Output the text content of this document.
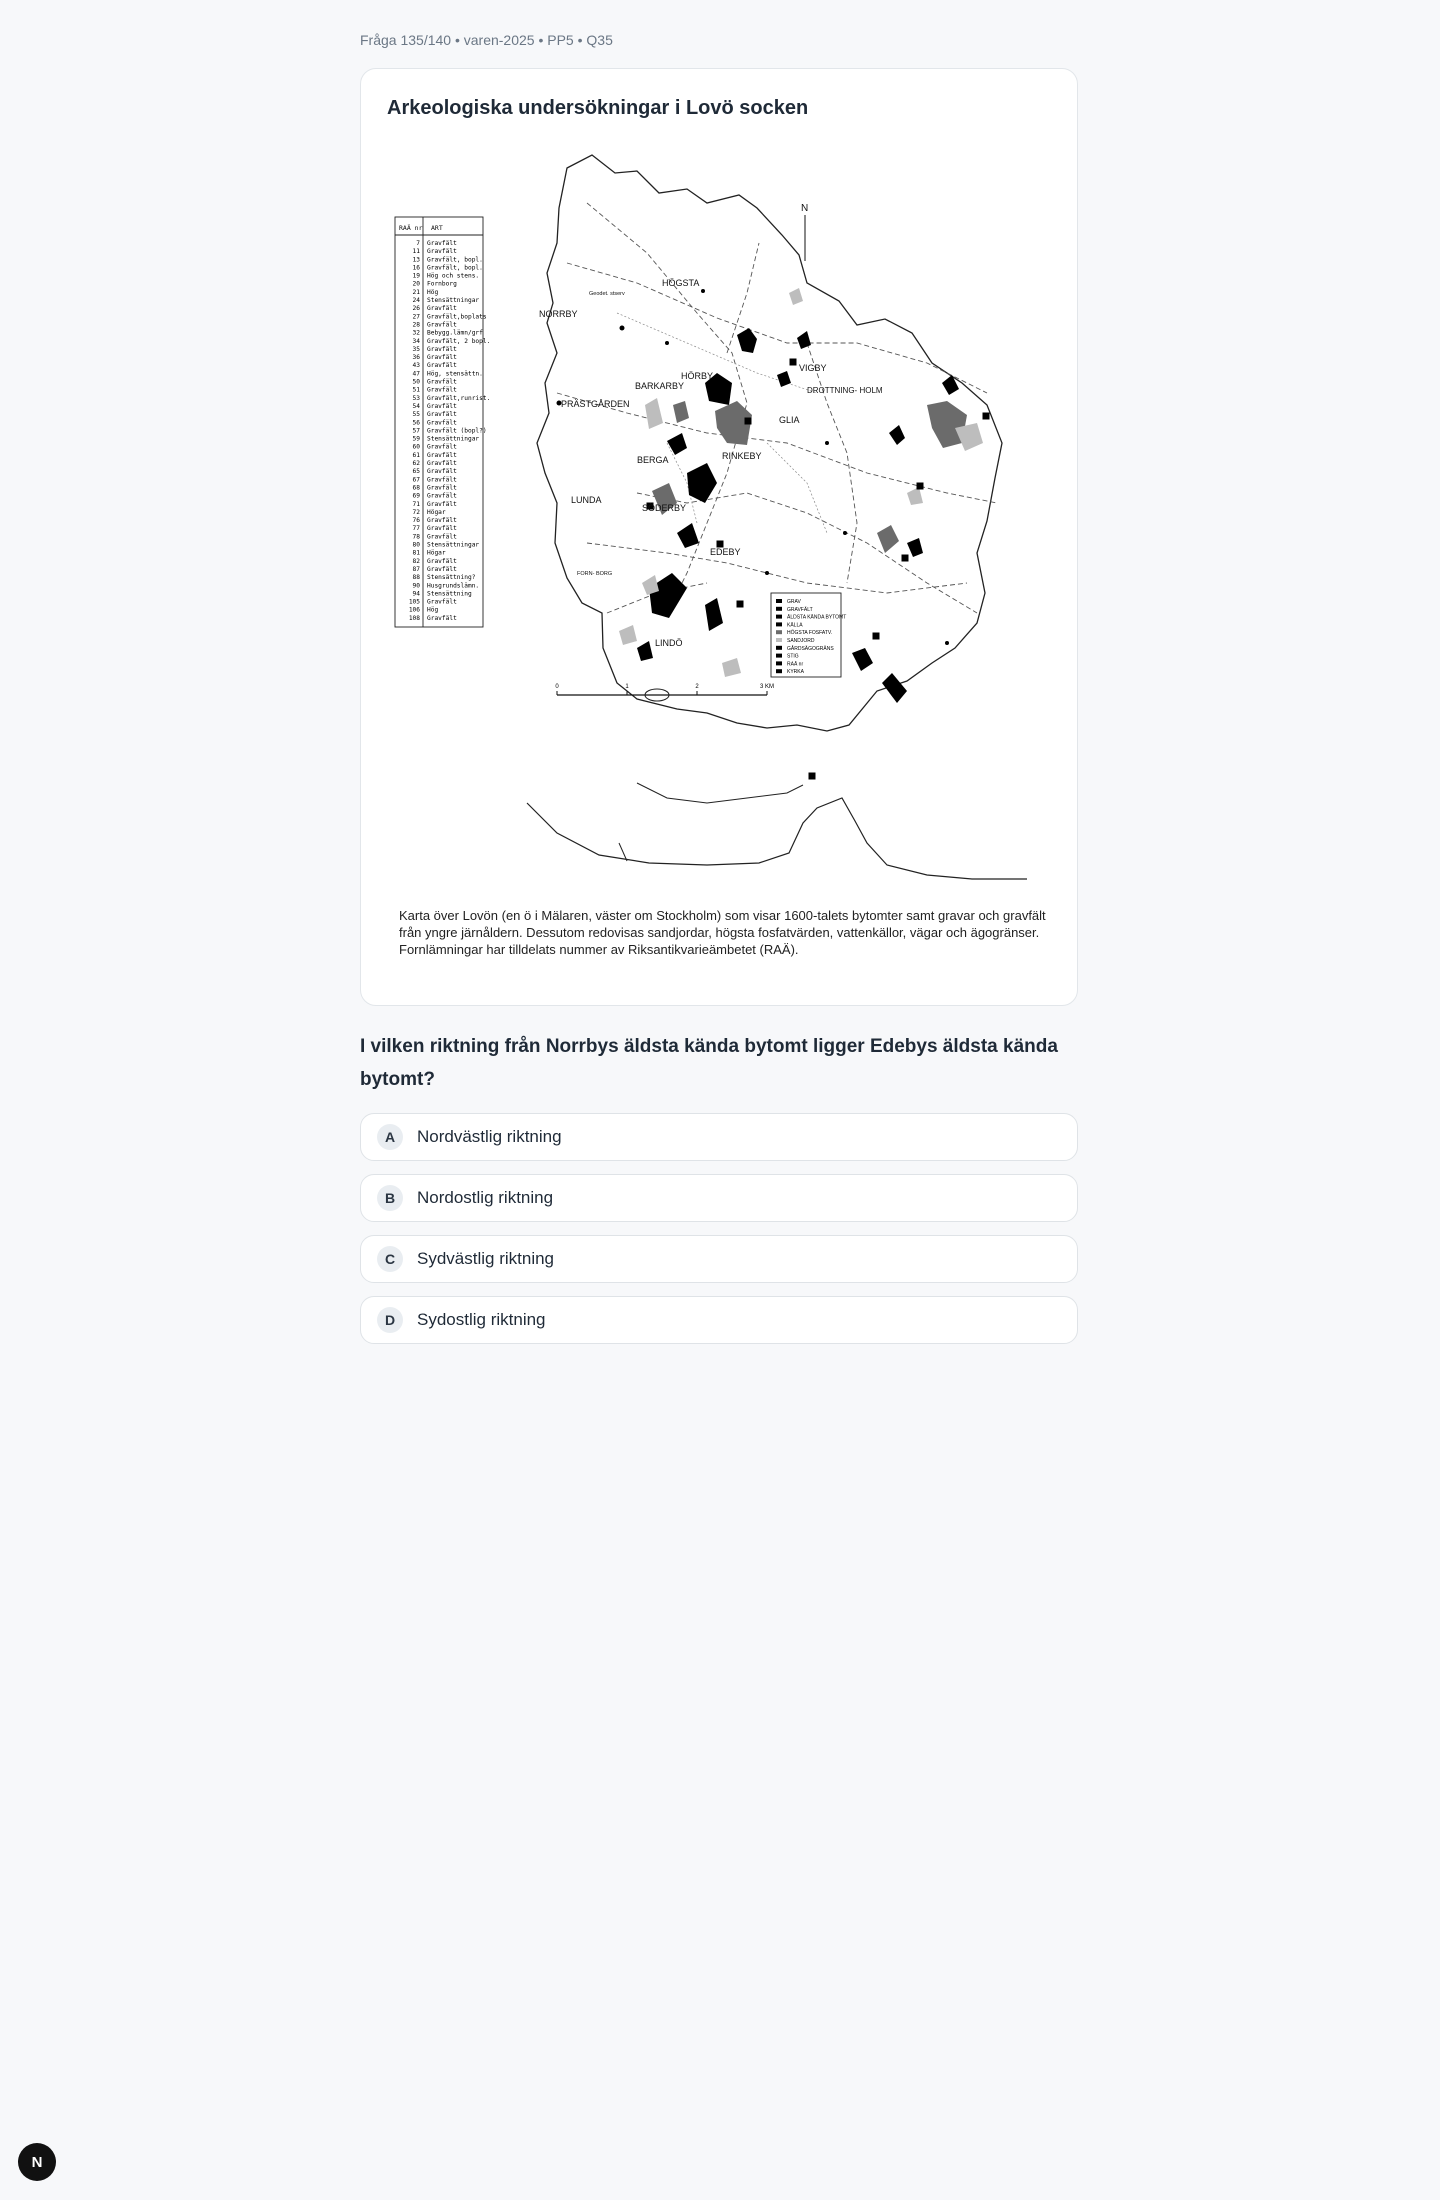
Fråga 135/140 • varen-2025 • PP5 • Q35
Arkeologiska undersökningar i Lovö socken
RAÄ nr ART
7 Gravfält
11 Gravfält
13 Gravfält, bopl.
16 Gravfält, bopl.
19 Hög och stens.
20 Fornborg
21 Hög
24 Stensättningar
26 Gravfält
27 Gravfält,boplats
28 Gravfält
32 Bebygg.lämn/grf
34 Gravfält, 2 bopl.
35 Gravfält
36 Gravfält
43 Gravfält
47 Hög, stensättn.
50 Gravfält
51 Gravfält
53 Gravfält,runrist.
54 Gravfält
55 Gravfält
56 Gravfält
57 Gravfält (bopl?)
59 Stensättningar
60 Gravfält
61 Gravfält
62 Gravfält
65 Gravfält
67 Gravfält
68 Gravfält
69 Gravfält
71 Gravfält
72 Högar
76 Gravfält
77 Gravfält
78 Gravfält
80 Stensättningar
81 Högar
82 Gravfält
87 Gravfält
88 Stensättning?
90 Husgrundslämn.
94 Stensättning
105 Gravfält
106 Hög
108 Gravfält
N
HÖGSTA
NORRBY
BARKARBY
HÖRBY
VIGBY
DROTTNING- HOLM
GLIA
PRÄSTGÅRDEN
BERGA	RINKEBY
LUNDA
SÖDERBY
EDEBY
LINDÖ
FORN- BORG
Geodet. stserv
GRAV
GRAVFÄLT
ÄLDSTA KÄNDA BYTOMT
KÄLLA
HÖGSTA FOSFATV.
SANDJORD
GÅRDSÄGOGRÄNS
STIG
RAÄ nr
KYRKA
0	1	2	3 KM
Karta över Lovön (en ö i Mälaren, väster om Stockholm) som visar 1600-talets bytomter samt gravar och gravfält från yngre järnåldern. Dessutom redovisas sandjordar, högsta fosfatvärden, vattenkällor, vägar och ägogränser. Fornlämningar har tilldelats nummer av Riksantikvarieämbetet (RAÄ).
I vilken riktning från Norrbys äldsta kända bytomt ligger Edebys äldsta kända bytomt?
A	Nordvästlig riktning
B	Nordostlig riktning
C	Sydvästlig riktning
D	Sydostlig riktning
N
